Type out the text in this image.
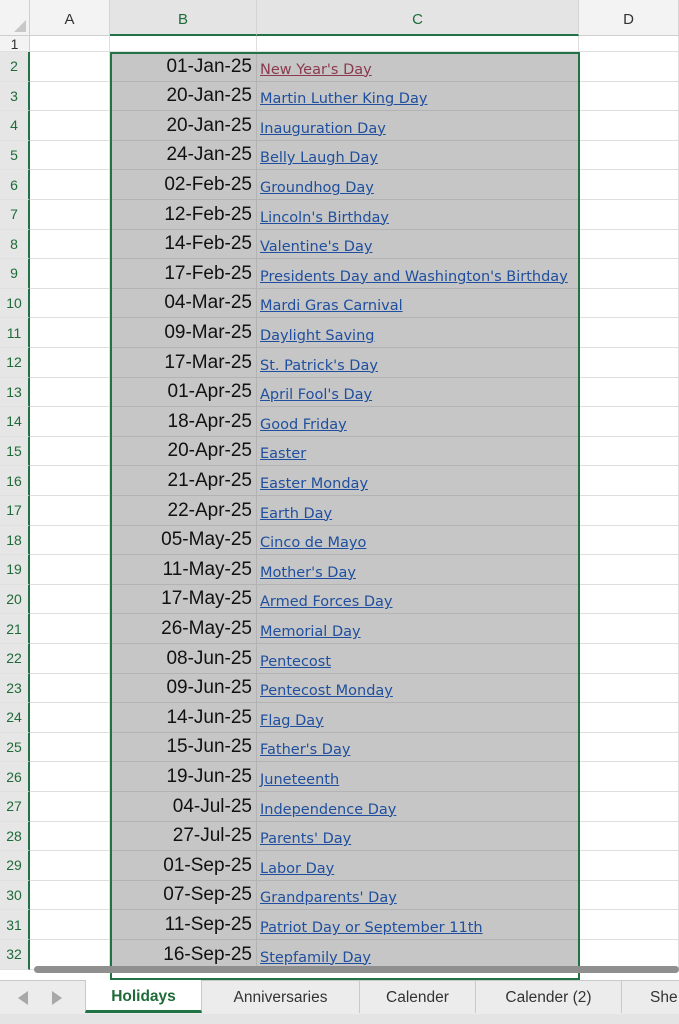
A	B	C	D
1
2	01-Jan-25 New Year's Day
3	20-Jan-25 Martin Luther King Day
4	20-Jan-25 Inauguration Day
5	24-Jan-25 Belly Laugh Day
6	02-Feb-25 Groundhog Day
7	12-Feb-25 Lincoln's Birthday
8	14-Feb-25 Valentine's Day
9	17-Feb-25 Presidents Day and Washington's Birthday
10	04-Mar-25 Mardi Gras Carnival
11	09-Mar-25 Daylight Saving
12	17-Mar-25 St. Patrick's Day
13	01-Apr-25 April Fool's Day
14	18-Apr-25 Good Friday
15	20-Apr-25 Easter
16	21-Apr-25 Easter Monday
17	22-Apr-25 Earth Day
18	05-May-25 Cinco de Mayo
19	11-May-25 Mother's Day
20	17-May-25 Armed Forces Day
21	26-May-25 Memorial Day
22	08-Jun-25 Pentecost
23	09-Jun-25 Pentecost Monday
24	14-Jun-25 Flag Day
25	15-Jun-25 Father's Day
26	19-Jun-25 Juneteenth
27	04-Jul-25 Independence Day
28	27-Jul-25 Parents' Day
29	01-Sep-25 Labor Day
30	07-Sep-25 Grandparents' Day
31	11-Sep-25 Patriot Day or September 11th
32	16-Sep-25 Stepfamily Day
Holidays	Anniversaries	Calender	Calender (2)	She
